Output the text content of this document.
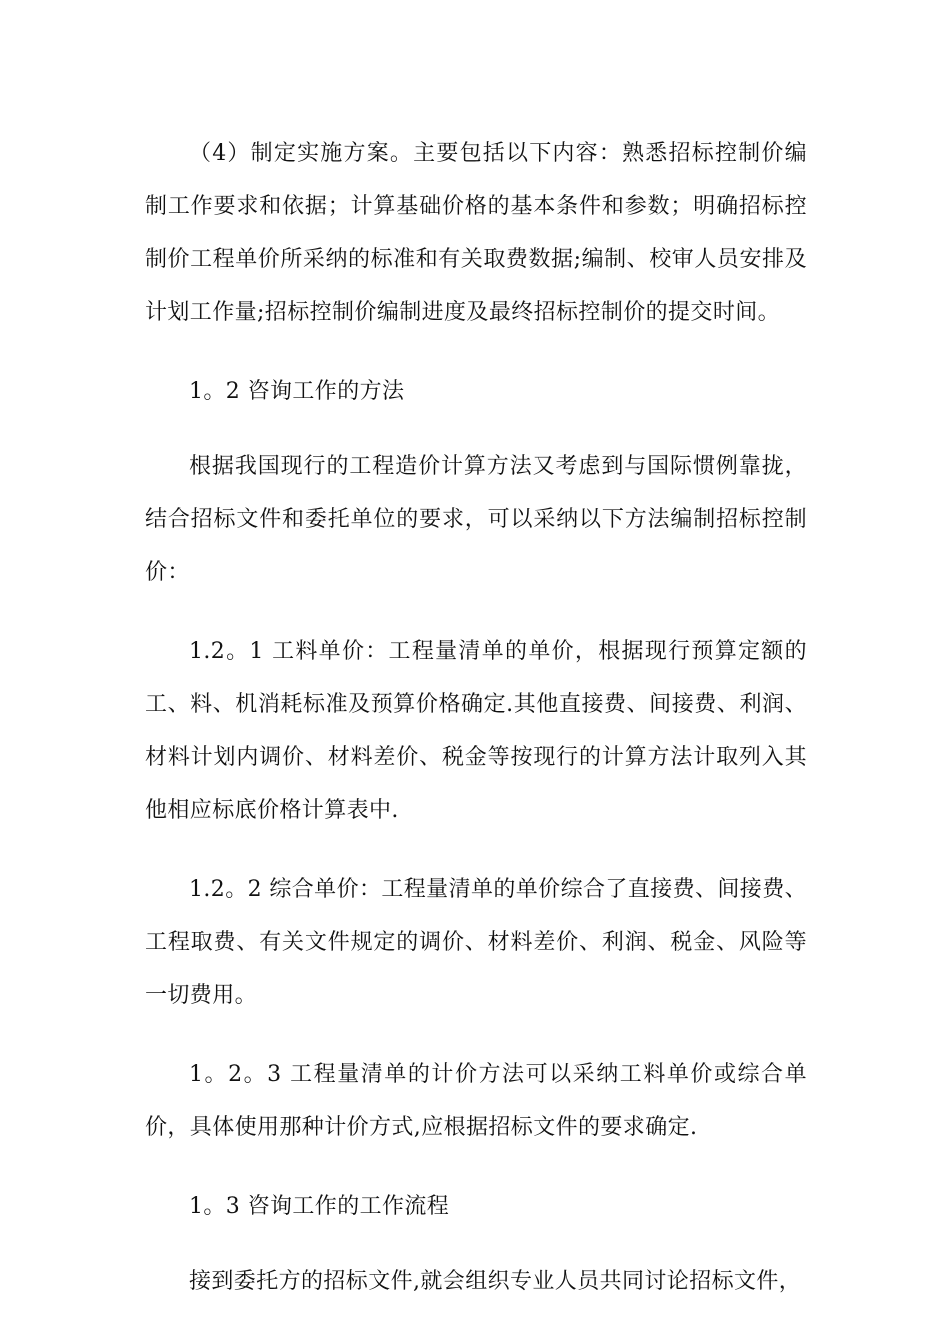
（4）制定实施方案。主要包括以下内容：熟悉招标控制价编制工作要求和依据；计算基础价格的基本条件和参数；明确招标控制价工程单价所采纳的标准和有关取费数据;编制、校审人员安排及计划工作量;招标控制价编制进度及最终招标控制价的提交时间。

1。2 咨询工作的方法

根据我国现行的工程造价计算方法又考虑到与国际惯例靠拢，结合招标文件和委托单位的要求，可以采纳以下方法编制招标控制价：

1.2。1 工料单价：工程量清单的单价，根据现行预算定额的工、料、机消耗标准及预算价格确定.其他直接费、间接费、利润、材料计划内调价、材料差价、税金等按现行的计算方法计取列入其他相应标底价格计算表中.

1.2。2 综合单价：工程量清单的单价综合了直接费、间接费、工程取费、有关文件规定的调价、材料差价、利润、税金、风险等一切费用。

1。2。3 工程量清单的计价方法可以采纳工料单价或综合单价，具体使用那种计价方式,应根据招标文件的要求确定.

1。3 咨询工作的工作流程

接到委托方的招标文件,就会组织专业人员共同讨论招标文件，
